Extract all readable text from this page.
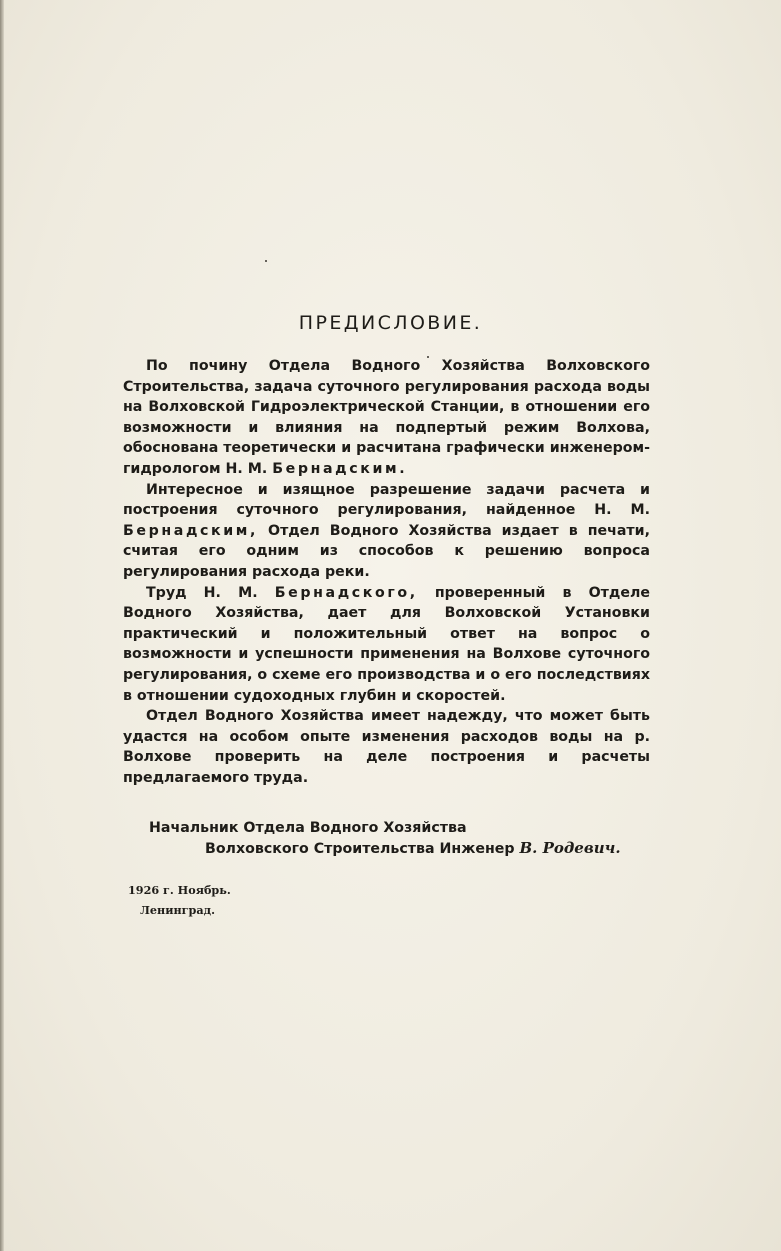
ПРЕДИСЛОВИЕ.

По почину Отдела Водного Хозяйства Волховского Строительства, задача суточного регулирования расхода воды на Волховской Гидроэлектрической Станции, в отношении его возможности и влияния на подпертый режим Волхова, обоснована теоретически и расчитана графически инженером-гидрологом Н. М. Бернадским.

Интересное и изящное разрешение задачи расчета и построения суточного регулирования, найденное Н. М. Бернадским, Отдел Водного Хозяйства издает в печати, считая его одним из способов к решению вопроса регулирования расхода реки.

Труд Н. М. Бернадского, проверенный в Отделе Водного Хозяйства, дает для Волховской Установки практический и положительный ответ на вопрос о возможности и успешности применения на Волхове суточного регулирования, о схеме его производства и о его последствиях в отношении судоходных глубин и скоростей.

Отдел Водного Хозяйства имеет надежду, что может быть удастся на особом опыте изменения расходов воды на р. Волхове проверить на деле построения и расчеты предлагаемого труда.

Начальник Отдела Водного Хозяйства
Волховского Строительства Инженер В. Родевич.
1926 г. Ноябрь.
Ленинград.
